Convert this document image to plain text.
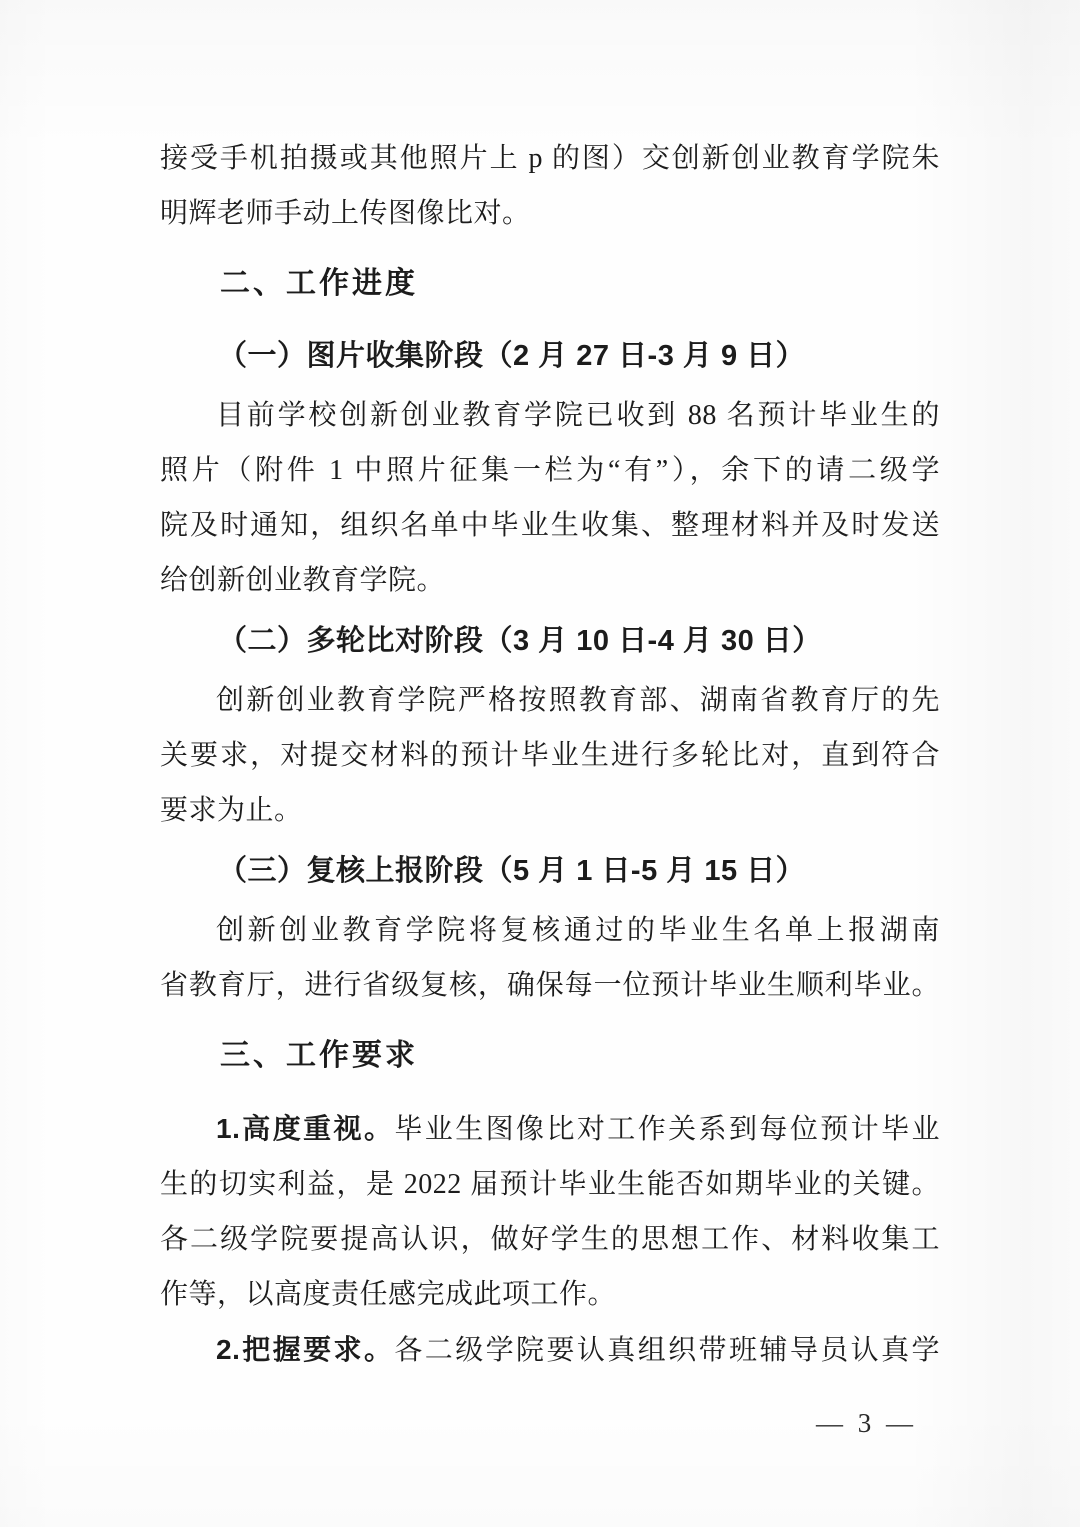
接受手机拍摄或其他照片上 p 的图）交创新创业教育学院朱
明辉老师手动上传图像比对。
二、工作进度
（一）图片收集阶段（2 月 27 日-3 月 9 日）
目前学校创新创业教育学院已收到 88 名预计毕业生的
照片（附件 1 中照片征集一栏为“有”），余下的请二级学
院及时通知，组织名单中毕业生收集、整理材料并及时发送
给创新创业教育学院。
（二）多轮比对阶段（3 月 10 日-4 月 30 日）
创新创业教育学院严格按照教育部、湖南省教育厅的先
关要求，对提交材料的预计毕业生进行多轮比对，直到符合
要求为止。
（三）复核上报阶段（5 月 1 日-5 月 15 日）
创新创业教育学院将复核通过的毕业生名单上报湖南
省教育厅，进行省级复核，确保每一位预计毕业生顺利毕业。
三、工作要求
1.高度重视。毕业生图像比对工作关系到每位预计毕业
生的切实利益，是 2022 届预计毕业生能否如期毕业的关键。
各二级学院要提高认识，做好学生的思想工作、材料收集工
作等，以高度责任感完成此项工作。
2.把握要求。各二级学院要认真组织带班辅导员认真学
— 3 —
